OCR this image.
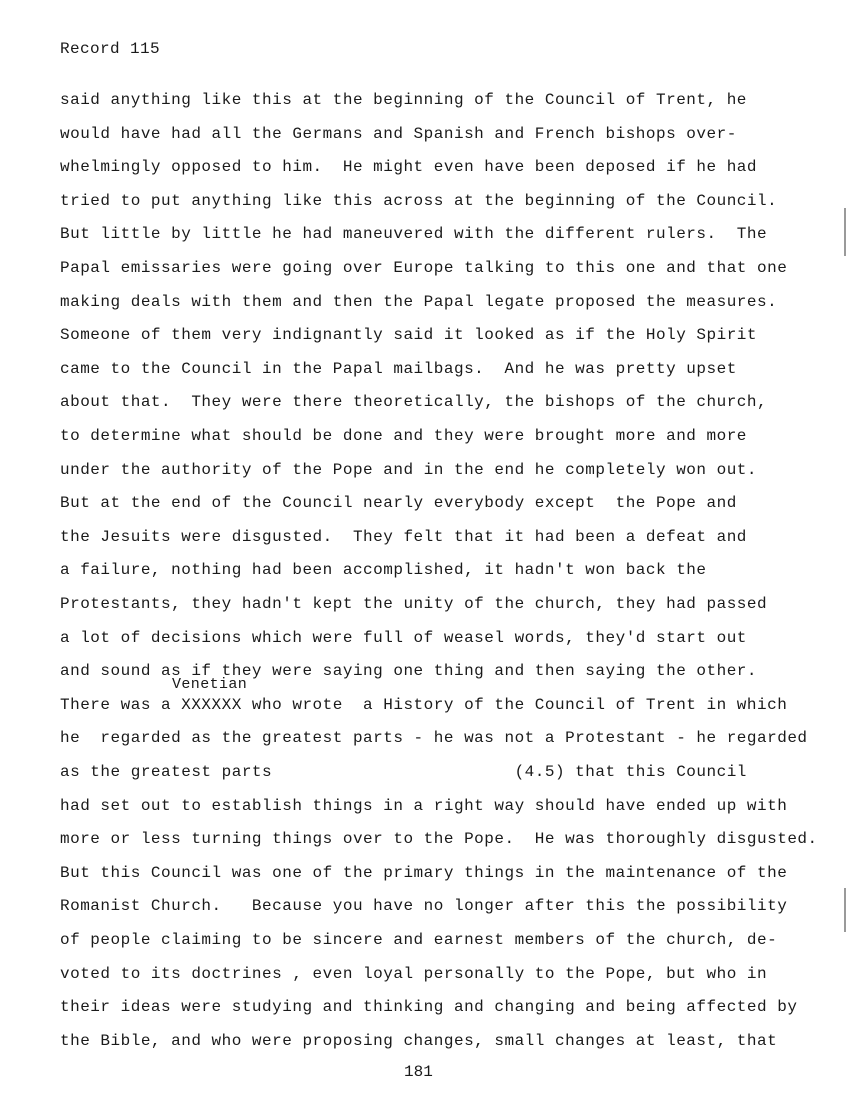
Record 115
said anything like this at the beginning of the Council of Trent, he
would have had all the Germans and Spanish and French bishops over-
whelmingly opposed to him.  He might even have been deposed if he had
tried to put anything like this across at the beginning of the Council.
But little by little he had maneuvered with the different rulers.  The
Papal emissaries were going over Europe talking to this one and that one
making deals with them and then the Papal legate proposed the measures.
Someone of them very indignantly said it looked as if the Holy Spirit
came to the Council in the Papal mailbags.  And he was pretty upset
about that.  They were there theoretically, the bishops of the church,
to determine what should be done and they were brought more and more
under the authority of the Pope and in the end he completely won out.
But at the end of the Council nearly everybody except  the Pope and
the Jesuits were disgusted.  They felt that it had been a defeat and
a failure, nothing had been accomplished, it hadn't won back the
Protestants, they hadn't kept the unity of the church, they had passed
a lot of decisions which were full of weasel words, they'd start out
and sound as if they were saying one thing and then saying the other.
There was a XXXXXX who wrote  a History of the Council of Trent in which
he  regarded as the greatest parts - he was not a Protestant - he regarded
as the greatest parts                        (4.5) that this Council
had set out to establish things in a right way should have ended up with
more or less turning things over to the Pope.  He was thoroughly disgusted.
But this Council was one of the primary things in the maintenance of the
Romanist Church.   Because you have no longer after this the possibility
of people claiming to be sincere and earnest members of the church, de-
voted to its doctrines , even loyal personally to the Pope, but who in
their ideas were studying and thinking and changing and being affected by
the Bible, and who were proposing changes, small changes at least, that
Venetian
181
